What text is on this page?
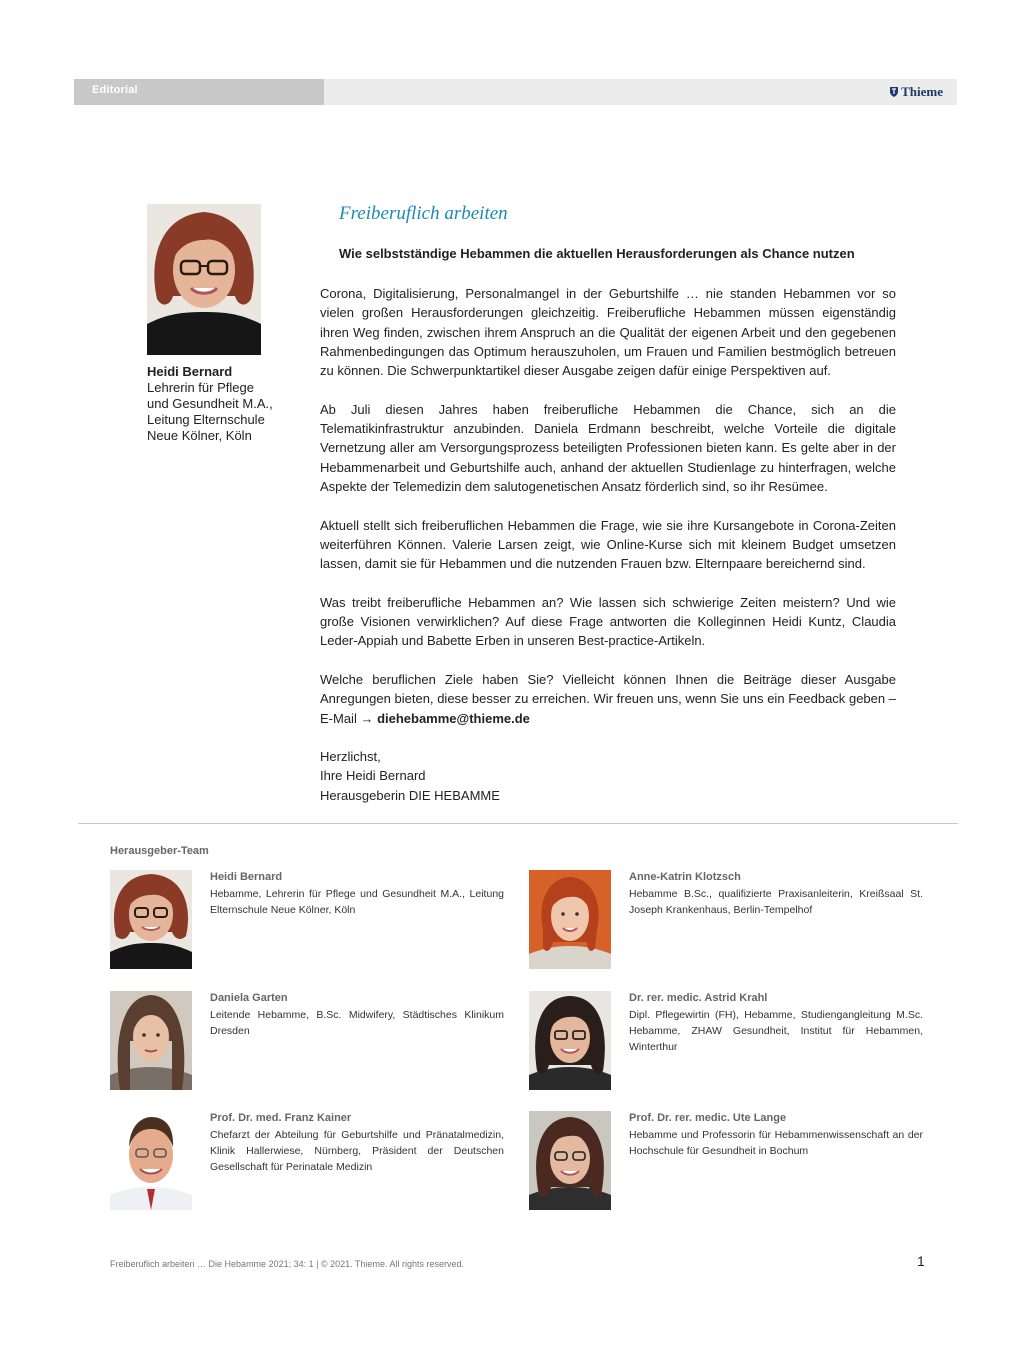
Editorial	Thieme
Heidi Bernard
Lehrerin für Pflege
und Gesundheit M.A.,
Leitung Elternschule
Neue Kölner, Köln
Freiberuflich arbeiten
Wie selbstständige Hebammen die aktuellen Herausforderungen als Chance nutzen

Corona, Digitalisierung, Personalmangel in der Geburtshilfe … nie standen Hebammen vor so vielen großen Herausforderungen gleichzeitig. Freiberufliche Hebammen müssen eigenständig ihren Weg finden, zwischen ihrem Anspruch an die Qualität der eigenen Arbeit und den gegebenen Rahmenbedingungen das Optimum herauszuholen, um Frauen und Familien bestmöglich betreuen zu können. Die Schwerpunktartikel dieser Ausgabe zeigen dafür einige Perspektiven auf.

Ab Juli diesen Jahres haben freiberufliche Hebammen die Chance, sich an die Telematikinfrastruktur anzubinden. Daniela Erdmann beschreibt, welche Vorteile die digitale Vernetzung aller am Versorgungsprozess beteiligten Professionen bieten kann. Es gelte aber in der Hebammenarbeit und Geburtshilfe auch, anhand der aktuellen Studienlage zu hinterfragen, welche Aspekte der Telemedizin dem salutogenetischen Ansatz förderlich sind, so ihr Resümee.

Aktuell stellt sich freiberuflichen Hebammen die Frage, wie sie ihre Kursangebote in Corona-Zeiten weiterführen Können. Valerie Larsen zeigt, wie Online-Kurse sich mit kleinem Budget umsetzen lassen, damit sie für Hebammen und die nutzenden Frauen bzw. Elternpaare bereichernd sind.

Was treibt freiberufliche Hebammen an? Wie lassen sich schwierige Zeiten meistern? Und wie große Visionen verwirklichen? Auf diese Frage antworten die Kolleginnen Heidi Kuntz, Claudia Leder-Appiah und Babette Erben in unseren Best-practice-Artikeln.

Welche beruflichen Ziele haben Sie? Vielleicht können Ihnen die Beiträge dieser Ausgabe Anregungen bieten, diese besser zu erreichen. Wir freuen uns, wenn Sie uns ein Feedback geben – E-Mail → diehebamme@thieme.de

Herzlichst,
Ihre Heidi Bernard
Herausgeberin DIE HEBAMME
Herausgeber-Team
Heidi Bernard
Hebamme, Lehrerin für Pflege und Gesundheit M.A., Leitung Elternschule Neue Kölner, Köln
Anne-Katrin Klotzsch
Hebamme B.Sc., qualifizierte Praxisanleiterin, Kreißsaal St. Joseph Krankenhaus, Berlin-Tempelhof
Daniela Garten
Leitende Hebamme, B.Sc. Midwifery, Städtisches Klinikum Dresden
Dr. rer. medic. Astrid Krahl
Dipl. Pflegewirtin (FH), Hebamme, Studiengangleitung M.Sc. Hebamme, ZHAW Gesundheit, Institut für Hebammen, Winterthur
Prof. Dr. med. Franz Kainer
Chefarzt der Abteilung für Geburtshilfe und Pränatalmedizin, Klinik Hallerwiese, Nürnberg, Präsident der Deutschen Gesellschaft für Perinatale Medizin
Prof. Dr. rer. medic. Ute Lange
Hebamme und Professorin für Hebammenwissenschaft an der Hochschule für Gesundheit in Bochum
Freiberuflich arbeiten … Die Hebamme 2021; 34: 1 | © 2021. Thieme. All rights reserved.	1
